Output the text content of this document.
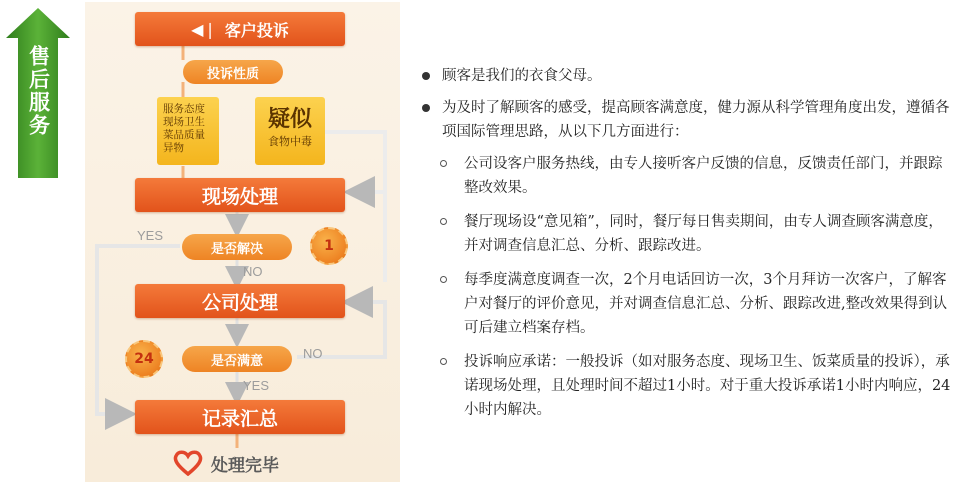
售后服务
◀❘ 客户投诉
投诉性质
服务态度
现场卫生
菜品质量
异物
疑似
食物中毒
现场处理
YES
是否解决	1
NO
公司处理
24	是否满意	NO
YES
记录汇总
处理完毕
顾客是我们的衣食父母。
为及时了解顾客的感受，提高顾客满意度，健力源从科学管理角度出发，遵循各项国际管理思路，从以下几方面进行：
公司设客户服务热线，由专人接听客户反馈的信息，反馈责任部门，并跟踪整改效果。
餐厅现场设“意见箱”，同时，餐厅每日售卖期间，由专人调查顾客满意度，并对调查信息汇总、分析、跟踪改进。
每季度满意度调查一次，2个月电话回访一次，3个月拜访一次客户，了解客户对餐厅的评价意见，并对调查信息汇总、分析、跟踪改进,整改效果得到认可后建立档案存档。
投诉响应承诺：一般投诉（如对服务态度、现场卫生、饭菜质量的投诉），承诺现场处理，且处理时间不超过1小时。对于重大投诉承诺1小时内响应，24小时内解决。
